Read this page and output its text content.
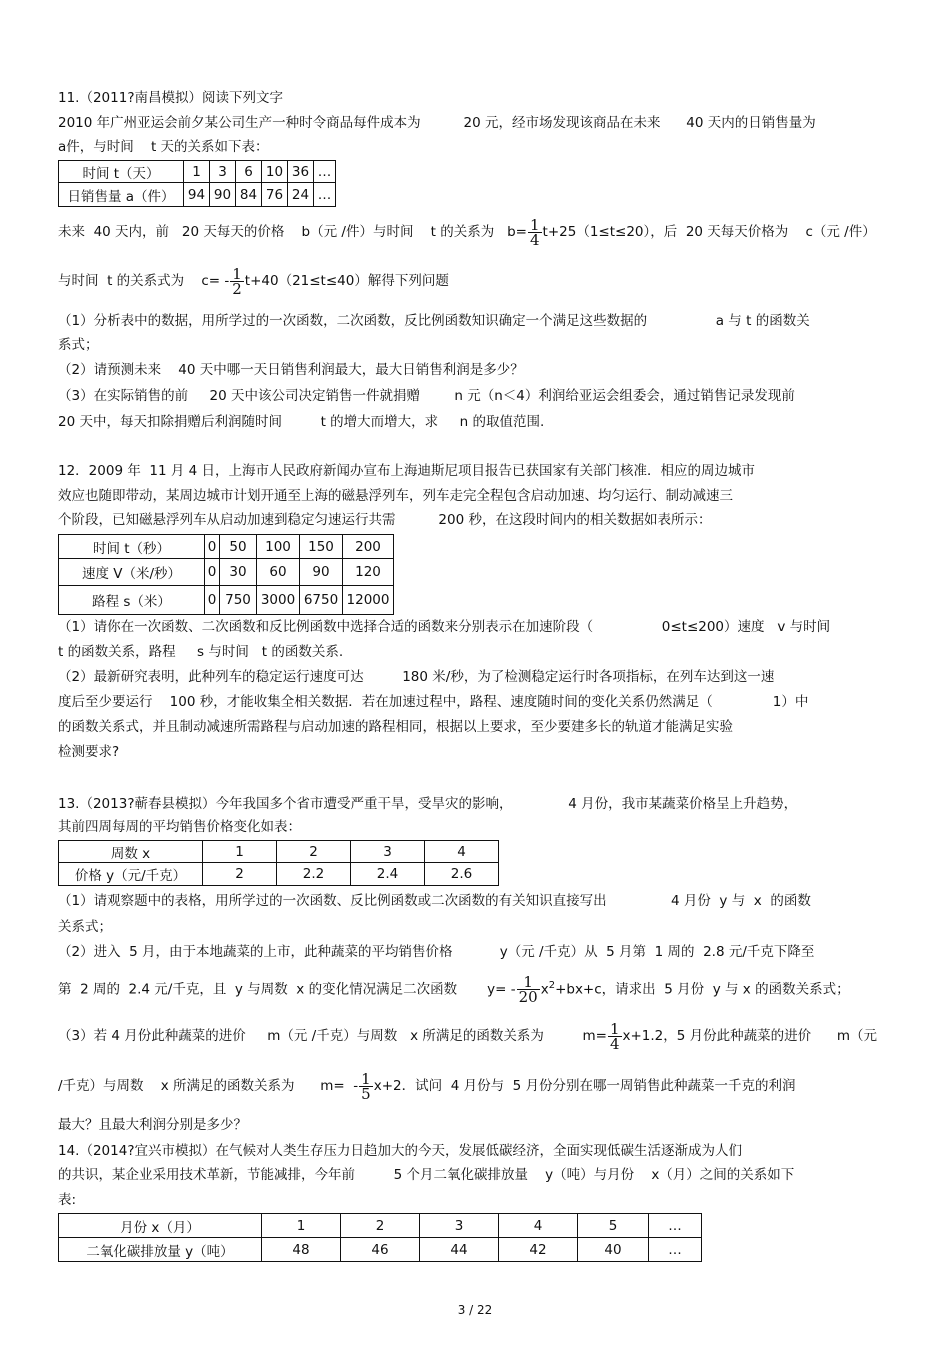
11.（2011?南昌模拟）阅读下列文字
2010 年广州亚运会前夕某公司生产一种时令商品每件成本为          20 元，经市场发现该商品在未来      40 天内的日销售量为
a件，与时间    t 天的关系如下表：
时间 t（天）	1	3	6	10	36	…
日销售量 a（件）	94	90	84	76	24	…
未来  40 天内，前   20 天每天的价格    b（元 /件）与时间    t 的关系为   $b= \frac{1}{4} t+25(1\le t\le 20)$，后  20 天每天价格为    c（元 /件）
与时间  t 的关系式为    $c= - \frac{1}{2} t+40(21\le t\le 40)$解得下列问题
（1）分析表中的数据，用所学过的一次函数，二次函数，反比例函数知识确定一个满足这些数据的                a 与 t 的函数关
系式；
（2）请预测未来    40 天中哪一天日销售利润最大，最大日销售利润是多少？
（3）在实际销售的前     20 天中该公司决定销售一件就捐赠        n 元（n＜4）利润给亚运会组委会，通过销售记录发现前
20 天中，每天扣除捐赠后利润随时间         t 的增大而增大，求     n 的取值范围.
12．2009 年  11 月 4 日，上海市人民政府新闻办宣布上海迪斯尼项目报告已获国家有关部门核准．相应的周边城市
效应也随即带动，某周边城市计划开通至上海的磁悬浮列车，列车走完全程包含启动加速、均匀运行、制动减速三
个阶段，已知磁悬浮列车从启动加速到稳定匀速运行共需          200 秒，在这段时间内的相关数据如表所示：
时间 t（秒）	0	50	100	150	200
速度 V（米/秒）	0	30	60	90	120
路程 s（米）	0	750	3000	6750	12000
（1）请你在一次函数、二次函数和反比例函数中选择合适的函数来分别表示在加速阶段（                0≤t≤200）速度   v 与时间
t 的函数关系，路程     s 与时间   t 的函数关系.
（2）最新研究表明，此种列车的稳定运行速度可达         180 米/秒，为了检测稳定运行时各项指标，在列车达到这一速
度后至少要运行    100 秒，才能收集全相关数据．若在加速过程中，路程、速度随时间的变化关系仍然满足（              1）中
的函数关系式，并且制动减速所需路程与启动加速的路程相同，根据以上要求，至少要建多长的轨道才能满足实验
检测要求?
13.（2013?蕲春县模拟）今年我国多个省市遭受严重干旱，受旱灾的影响，             4 月份，我市某蔬菜价格呈上升趋势，
其前四周每周的平均销售价格变化如表：
周数 x	1	2	3	4
价格 y（元/千克）	2	2.2	2.4	2.6
（1）请观察题中的表格，用所学过的一次函数、反比例函数或二次函数的有关知识直接写出               4 月份  y 与  x  的函数
关系式；
（2）进入  5 月，由于本地蔬菜的上市，此种蔬菜的平均销售价格           y（元 /千克）从  5 月第  1 周的  2.8 元/千克下降至
第  2 周的  2.4 元/千克，且  y 与周数  x 的变化情况满足二次函数       $y= - \frac{1}{20} x^2+bx+c$，请求出  5 月份  y 与 x 的函数关系式；
（3）若 4 月份此种蔬菜的进价     m（元 /千克）与周数   x 所满足的函数关系为         $m= \frac{1}{4} x+1.2$，5 月份此种蔬菜的进价      m（元
/千克）与周数    x 所满足的函数关系为      $m= - \frac{1}{5} x+2$．试问  4 月份与  5 月份分别在哪一周销售此种蔬菜一千克的利润
最大？且最大利润分别是多少？
14.（2014?宜兴市模拟）在气候对人类生存压力日趋加大的今天，发展低碳经济，全面实现低碳生活逐渐成为人们
的共识，某企业采用技术革新，节能减排，今年前         5 个月二氧化碳排放量    y（吨）与月份    x（月）之间的关系如下
表:
月份 x（月）	1	2	3	4	5	…
二氧化碳排放量 y（吨）	48	46	44	42	40	…
3 / 22
